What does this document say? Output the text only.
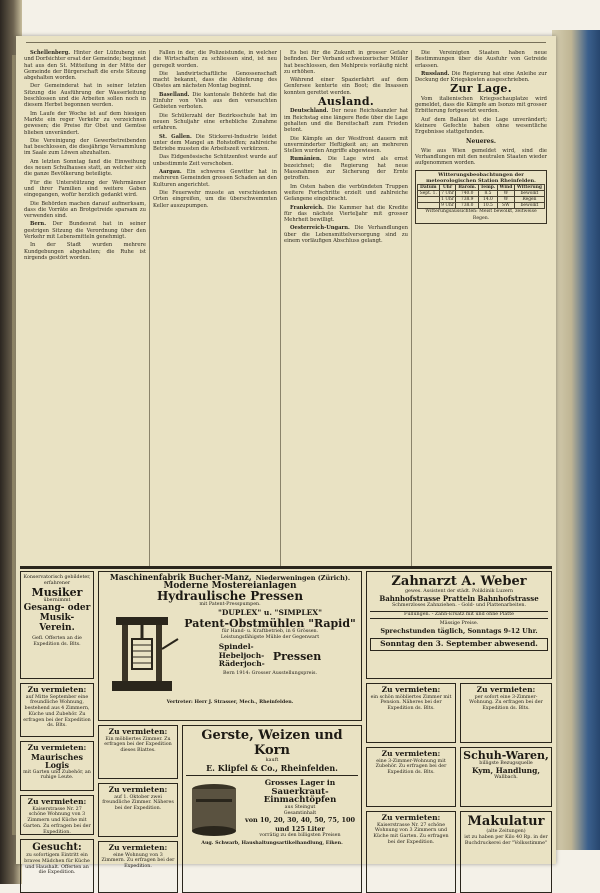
Schellenberg. Hinter der Lüfzubeng ein und Dorfsichter ersat der Gemeinde; beginnet hat aus den St. Mitteilung in der Mitte der Gemeinde der Bürgerschaft die erste Sitzung abgehalten worden.

Der Gemeinderat hat in seiner letzten Sitzung die Ausführung der Wasserleitung beschlossen und die Arbeiten sollen noch in diesem Herbst begonnen werden.

Im Laufe der Woche ist auf dem hiesigen Markte ein reger Verkehr zu verzeichnen gewesen; die Preise für Obst und Gemüse blieben unverändert.

Die Vereinigung der Gewerbetreibenden hat beschlossen, die diesjährige Versammlung im Saale zum Löwen abzuhalten.

Am letzten Sonntag fand die Einweihung des neuen Schulhauses statt, an welcher sich die ganze Bevölkerung beteiligte.

Für die Unterstützung der Wehrmänner und ihrer Familien sind weitere Gaben eingegangen, wofür herzlich gedankt wird.

Die Behörden machen darauf aufmerksam, dass die Vorräte an Brotgetreide sparsam zu verwenden sind.

Bern. Der Bundesrat hat in seiner gestrigen Sitzung die Verordnung über den Verkehr mit Lebensmitteln genehmigt.

In der Stadt wurden mehrere Kundgebungen abgehalten; die Ruhe ist nirgends gestört worden.

Fallen in der, die Polizeistunde, in welcher die Wirtschaften zu schliessen sind, ist neu geregelt worden.

Die landwirtschaftliche Genossenschaft macht bekannt, dass die Ablieferung des Obstes am nächsten Montag beginnt.

Baselland. Die kantonale Behörde hat die Einfuhr von Vieh aus den verseuchten Gebieten verboten.

Die Schülerzahl der Bezirksschule hat im neuen Schuljahr eine erhebliche Zunahme erfahren.

St. Gallen. Die Stickerei-Industrie leidet unter dem Mangel an Rohstoffen; zahlreiche Betriebe mussten die Arbeitszeit verkürzen.

Das Eidgenössische Schützenfest wurde auf unbestimmte Zeit verschoben.

Aargau. Ein schweres Gewitter hat in mehreren Gemeinden grossen Schaden an den Kulturen angerichtet.

Die Feuerwehr musste an verschiedenen Orten eingreifen, um die überschwemmten Keller auszupumpen.

Es bei für die Zukunft in grosser Gefahr befinden. Der Verband schweizerischer Müller hat beschlossen, den Mehlpreis vorläufig nicht zu erhöhen.

Während einer Spazierfahrt auf dem Genfersee kenterte ein Boot; die Insassen konnten gerettet werden.

Ausland.

Deutschland. Der neue Reichskanzler hat im Reichstag eine längere Rede über die Lage gehalten und die Bereitschaft zum Frieden betont.

Die Kämpfe an der Westfront dauern mit unverminderter Heftigkeit an; an mehreren Stellen wurden Angriffe abgewiesen.

Rumänien. Die Lage wird als ernst bezeichnet; die Regierung hat neue Massnahmen zur Sicherung der Ernte getroffen.

Im Osten haben die verbündeten Truppen weitere Fortschritte erzielt und zahlreiche Gefangene eingebracht.

Frankreich. Die Kammer hat die Kredite für das nächste Vierteljahr mit grosser Mehrheit bewilligt.

Oesterreich-Ungarn. Die Verhandlungen über die Lebensmittelversorgung sind zu einem vorläufigen Abschluss gelangt.

Die Vereinigten Staaten haben neue Bestimmungen über die Ausfuhr von Getreide erlassen.

Russland. Die Regierung hat eine Anleihe zur Deckung der Kriegskosten ausgeschrieben.

Zur Lage.

Vom italienischen Kriegsschauplatze wird gemeldet, dass die Kämpfe am Isonzo mit grosser Erbitterung fortgesetzt werden.

Auf dem Balkan ist die Lage unverändert; kleinere Gefechte haben ohne wesentliche Ergebnisse stattgefunden.

Neueres.

Wie aus Wien gemeldet wird, sind die Verhandlungen mit den neutralen Staaten wieder aufgenommen worden.

Witterungsbeobachtungen der meteorologischen Station Rheinfelden.
Datum	Uhr	Barom.	Temp.	Wind	Witterung
Sept. 1.	7 Uhr	740.0	8.5	W	bewölkt
	1 Uhr	738.9	14.0	W	Regen
	9 Uhr	738.0	10.5	SW	bewölkt
Witterungsaussichten: Meist bewölkt, zeitweise Regen.
Konservatorisch gebildeter, erfahrener
Musiker
übernimmt
Gesang- oder Musik-Verein.
Gefl. Offerten an die Expedition ds. Blts.
Maschinenfabrik Bucher-Manz, Niederweningen (Zürich).
Moderne Mostereianlagen
Hydraulische Pressen
mit Patent-Presspumpen.
"DUPLEX" u. "SIMPLEX"
Patent-Obstmühlen "Rapid"
für Hand- u. Kraftbetrieb, in 6 Grössen.
Leistungsfähigste Mühle der Gegenwart
Spindel-
Hebeljoch-
Räderjoch-
Pressen
Bern 1914: Grosser Ausstellungspreis.
Vertreter: Herr J. Strasser, Mech., Rheinfelden.
Zahnarzt A. Weber
gewes. Assistent der städt. Poliklinik Luzern
Bahnhofstrasse Pratteln Bahnhofstrasse
Schmerzloses Zahnziehen. - Gold- und Plattenarbeiten.
Füllungen. - Zahn-Ersatz mit und ohne Platte
Mässige Preise.
Sprechstunden täglich, Sonntags 9-12 Uhr.
Sonntag den 3. September abwesend.
Zu vermieten:
auf Mitte September eine freundliche Wohnung, bestehend aus 4 Zimmern, Küche und Zubehör. Zu erfragen bei der Expedition ds. Blts.
Zu vermieten:
Maurisches Logis
mit Garten und Zubehör, an ruhige Leute.
Zu vermieten:
Kaiserstrasse Nr. 27 schöne Wohnung von 3 Zimmern und Küche mit Garten. Zu erfragen bei der Expedition.
Gesucht:
zu sofortigem Eintritt ein braves Mädchen für Küche und Haushalt. Offerten an die Expedition.
Zu vermieten:
Ein möbliertes Zimmer. Zu erfragen bei der Expedition dieses Blattes.
Zu vermieten:
auf 1. Oktober zwei freundliche Zimmer. Näheres bei der Expedition.
Zu vermieten:
eine Wohnung von 3 Zimmern. Zu erfragen bei der Expedition.
Gerste, Weizen und Korn
kauft
E. Klipfel & Co., Rheinfelden.
Grosses Lager in
Sauerkraut-Einmachtöpfen
aus Steingut
Gesamtinhalt
von 10, 20, 30, 40, 50, 75, 100 und 125 Liter
vorrätig zu den billigsten Preisen
Aug. Schwarb, Haushaltungsartikelhandlung, Eiken.
Zu vermieten:
ein schön möbliertes Zimmer mit Pension. Näheres bei der Expedition ds. Blts.
Zu vermieten:
per sofort eine 3-Zimmer-Wohnung. Zu erfragen bei der Expedition ds. Blts.
Zu vermieten:
eine 3-Zimmer-Wohnung mit Zubehör. Zu erfragen bei der Expedition ds. Blts.
Schuh-Waren,
billigste Bezugsquelle
Kym, Handlung,
Wallbach.
Zu vermieten:
Kaiserstrasse Nr. 27 schöne Wohnung von 3 Zimmern und Küche mit Garten. Zu erfragen bei der Expedition.
Makulatur
(alte Zeitungen)
ist zu haben per Kilo 40 Rp. in der Buchdruckerei der "Volksstimme"
